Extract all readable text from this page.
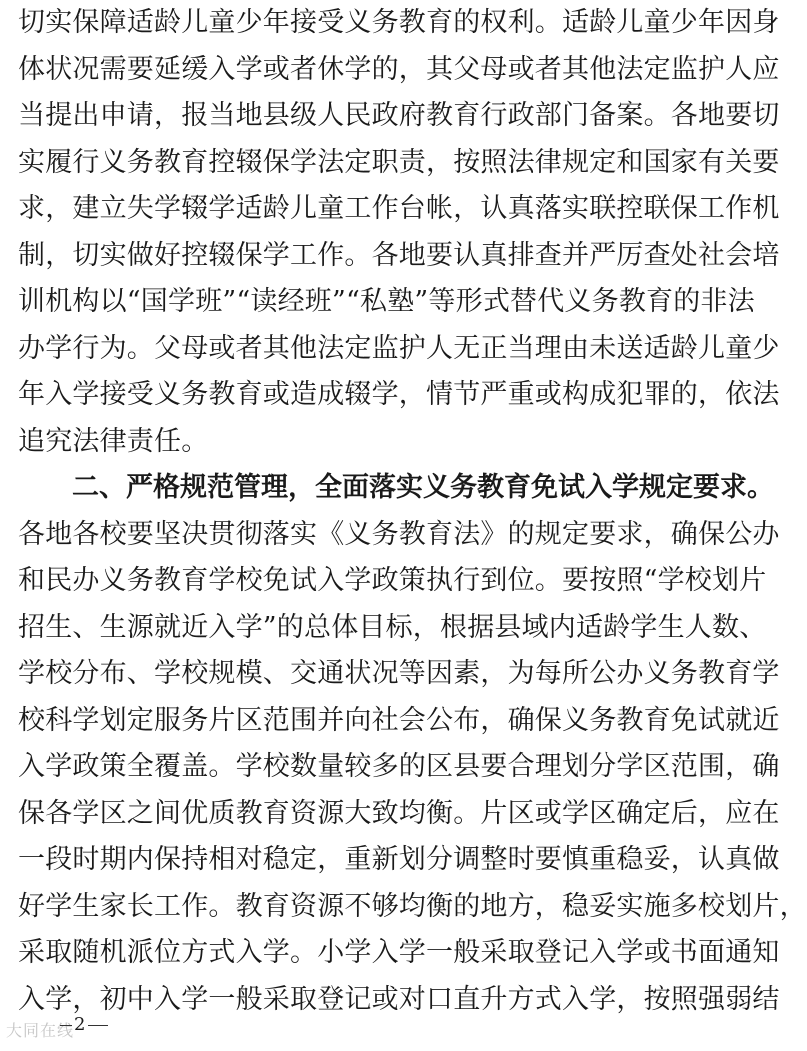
切实保障适龄儿童少年接受义务教育的权利。适龄儿童少年因身
体状况需要延缓入学或者休学的，其父母或者其他法定监护人应
当提出申请，报当地县级人民政府教育行政部门备案。各地要切
实履行义务教育控辍保学法定职责，按照法律规定和国家有关要
求，建立失学辍学适龄儿童工作台帐，认真落实联控联保工作机
制，切实做好控辍保学工作。各地要认真排查并严厉查处社会培
训机构以“国学班”“读经班”“私塾”等形式替代义务教育的非法
办学行为。父母或者其他法定监护人无正当理由未送适龄儿童少
年入学接受义务教育或造成辍学，情节严重或构成犯罪的，依法
追究法律责任。
二、严格规范管理，全面落实义务教育免试入学规定要求。
各地各校要坚决贯彻落实《义务教育法》的规定要求，确保公办
和民办义务教育学校免试入学政策执行到位。要按照“学校划片
招生、生源就近入学”的总体目标，根据县域内适龄学生人数、
学校分布、学校规模、交通状况等因素，为每所公办义务教育学
校科学划定服务片区范围并向社会公布，确保义务教育免试就近
入学政策全覆盖。学校数量较多的区县要合理划分学区范围，确
保各学区之间优质教育资源大致均衡。片区或学区确定后，应在
一段时期内保持相对稳定，重新划分调整时要慎重稳妥，认真做
好学生家长工作。教育资源不够均衡的地方，稳妥实施多校划片，
采取随机派位方式入学。小学入学一般采取登记入学或书面通知
入学，初中入学一般采取登记或对口直升方式入学，按照强弱结
大同在线 2
